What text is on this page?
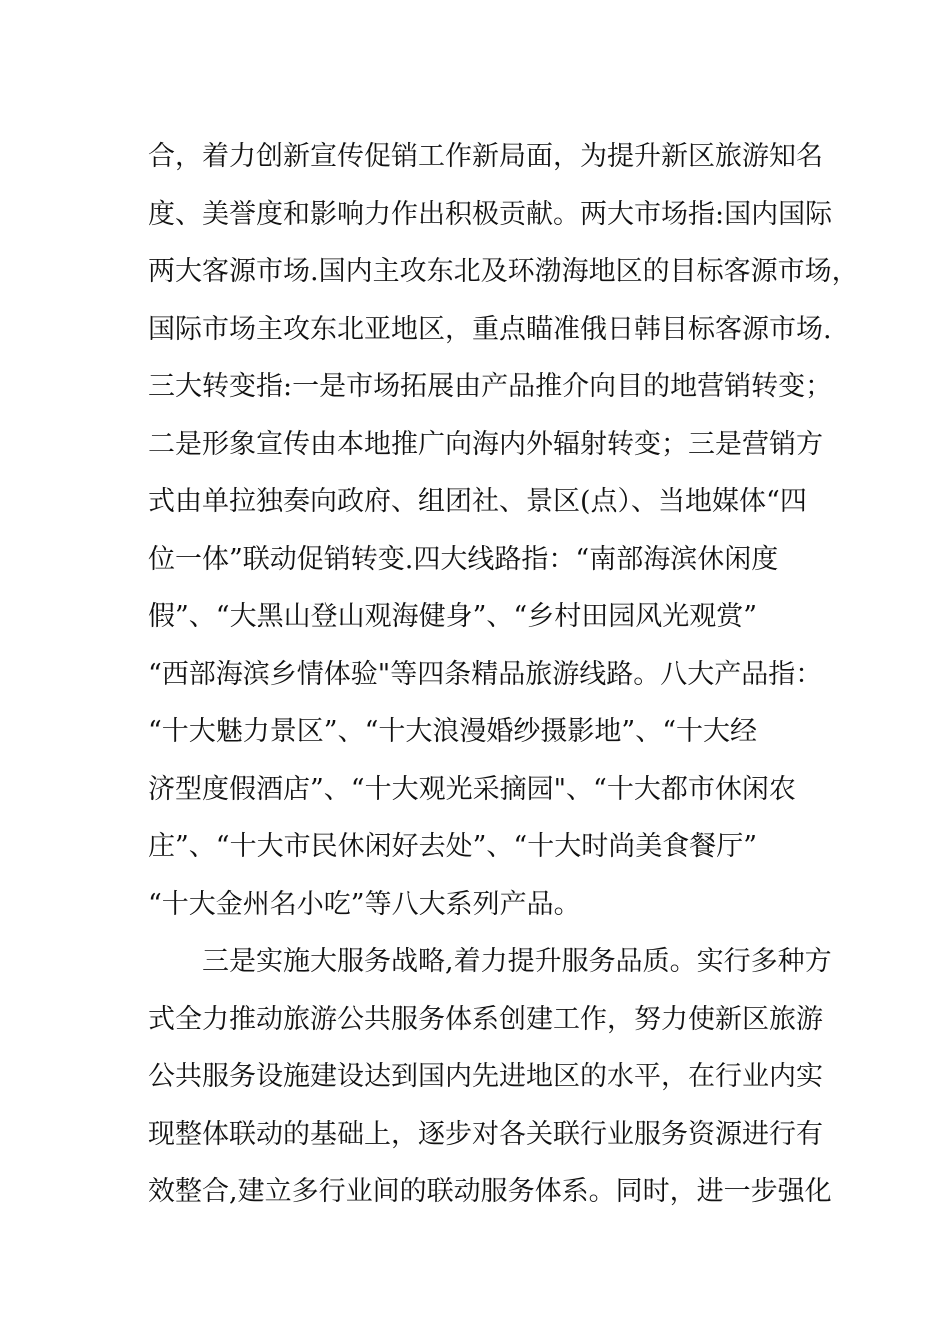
合，着力创新宣传促销工作新局面，为提升新区旅游知名
度、美誉度和影响力作出积极贡献。两大市场指:国内国际
两大客源市场.国内主攻东北及环渤海地区的目标客源市场，
国际市场主攻东北亚地区，重点瞄准俄日韩目标客源市场.
三大转变指:一是市场拓展由产品推介向目的地营销转变；
二是形象宣传由本地推广向海内外辐射转变；三是营销方
式由单拉独奏向政府、组团社、景区(点）、当地媒体“四
位一体”联动促销转变.四大线路指：“南部海滨休闲度
假”、“大黑山登山观海健身”、“乡村田园风光观赏”
“西部海滨乡情体验"等四条精品旅游线路。八大产品指：
“十大魅力景区”、“十大浪漫婚纱摄影地”、“十大经
济型度假酒店”、“十大观光采摘园"、“十大都市休闲农
庄”、“十大市民休闲好去处”、“十大时尚美食餐厅”
“十大金州名小吃”等八大系列产品。
三是实施大服务战略,着力提升服务品质。实行多种方
式全力推动旅游公共服务体系创建工作，努力使新区旅游
公共服务设施建设达到国内先进地区的水平，在行业内实
现整体联动的基础上，逐步对各关联行业服务资源进行有
效整合,建立多行业间的联动服务体系。同时，进一步强化
